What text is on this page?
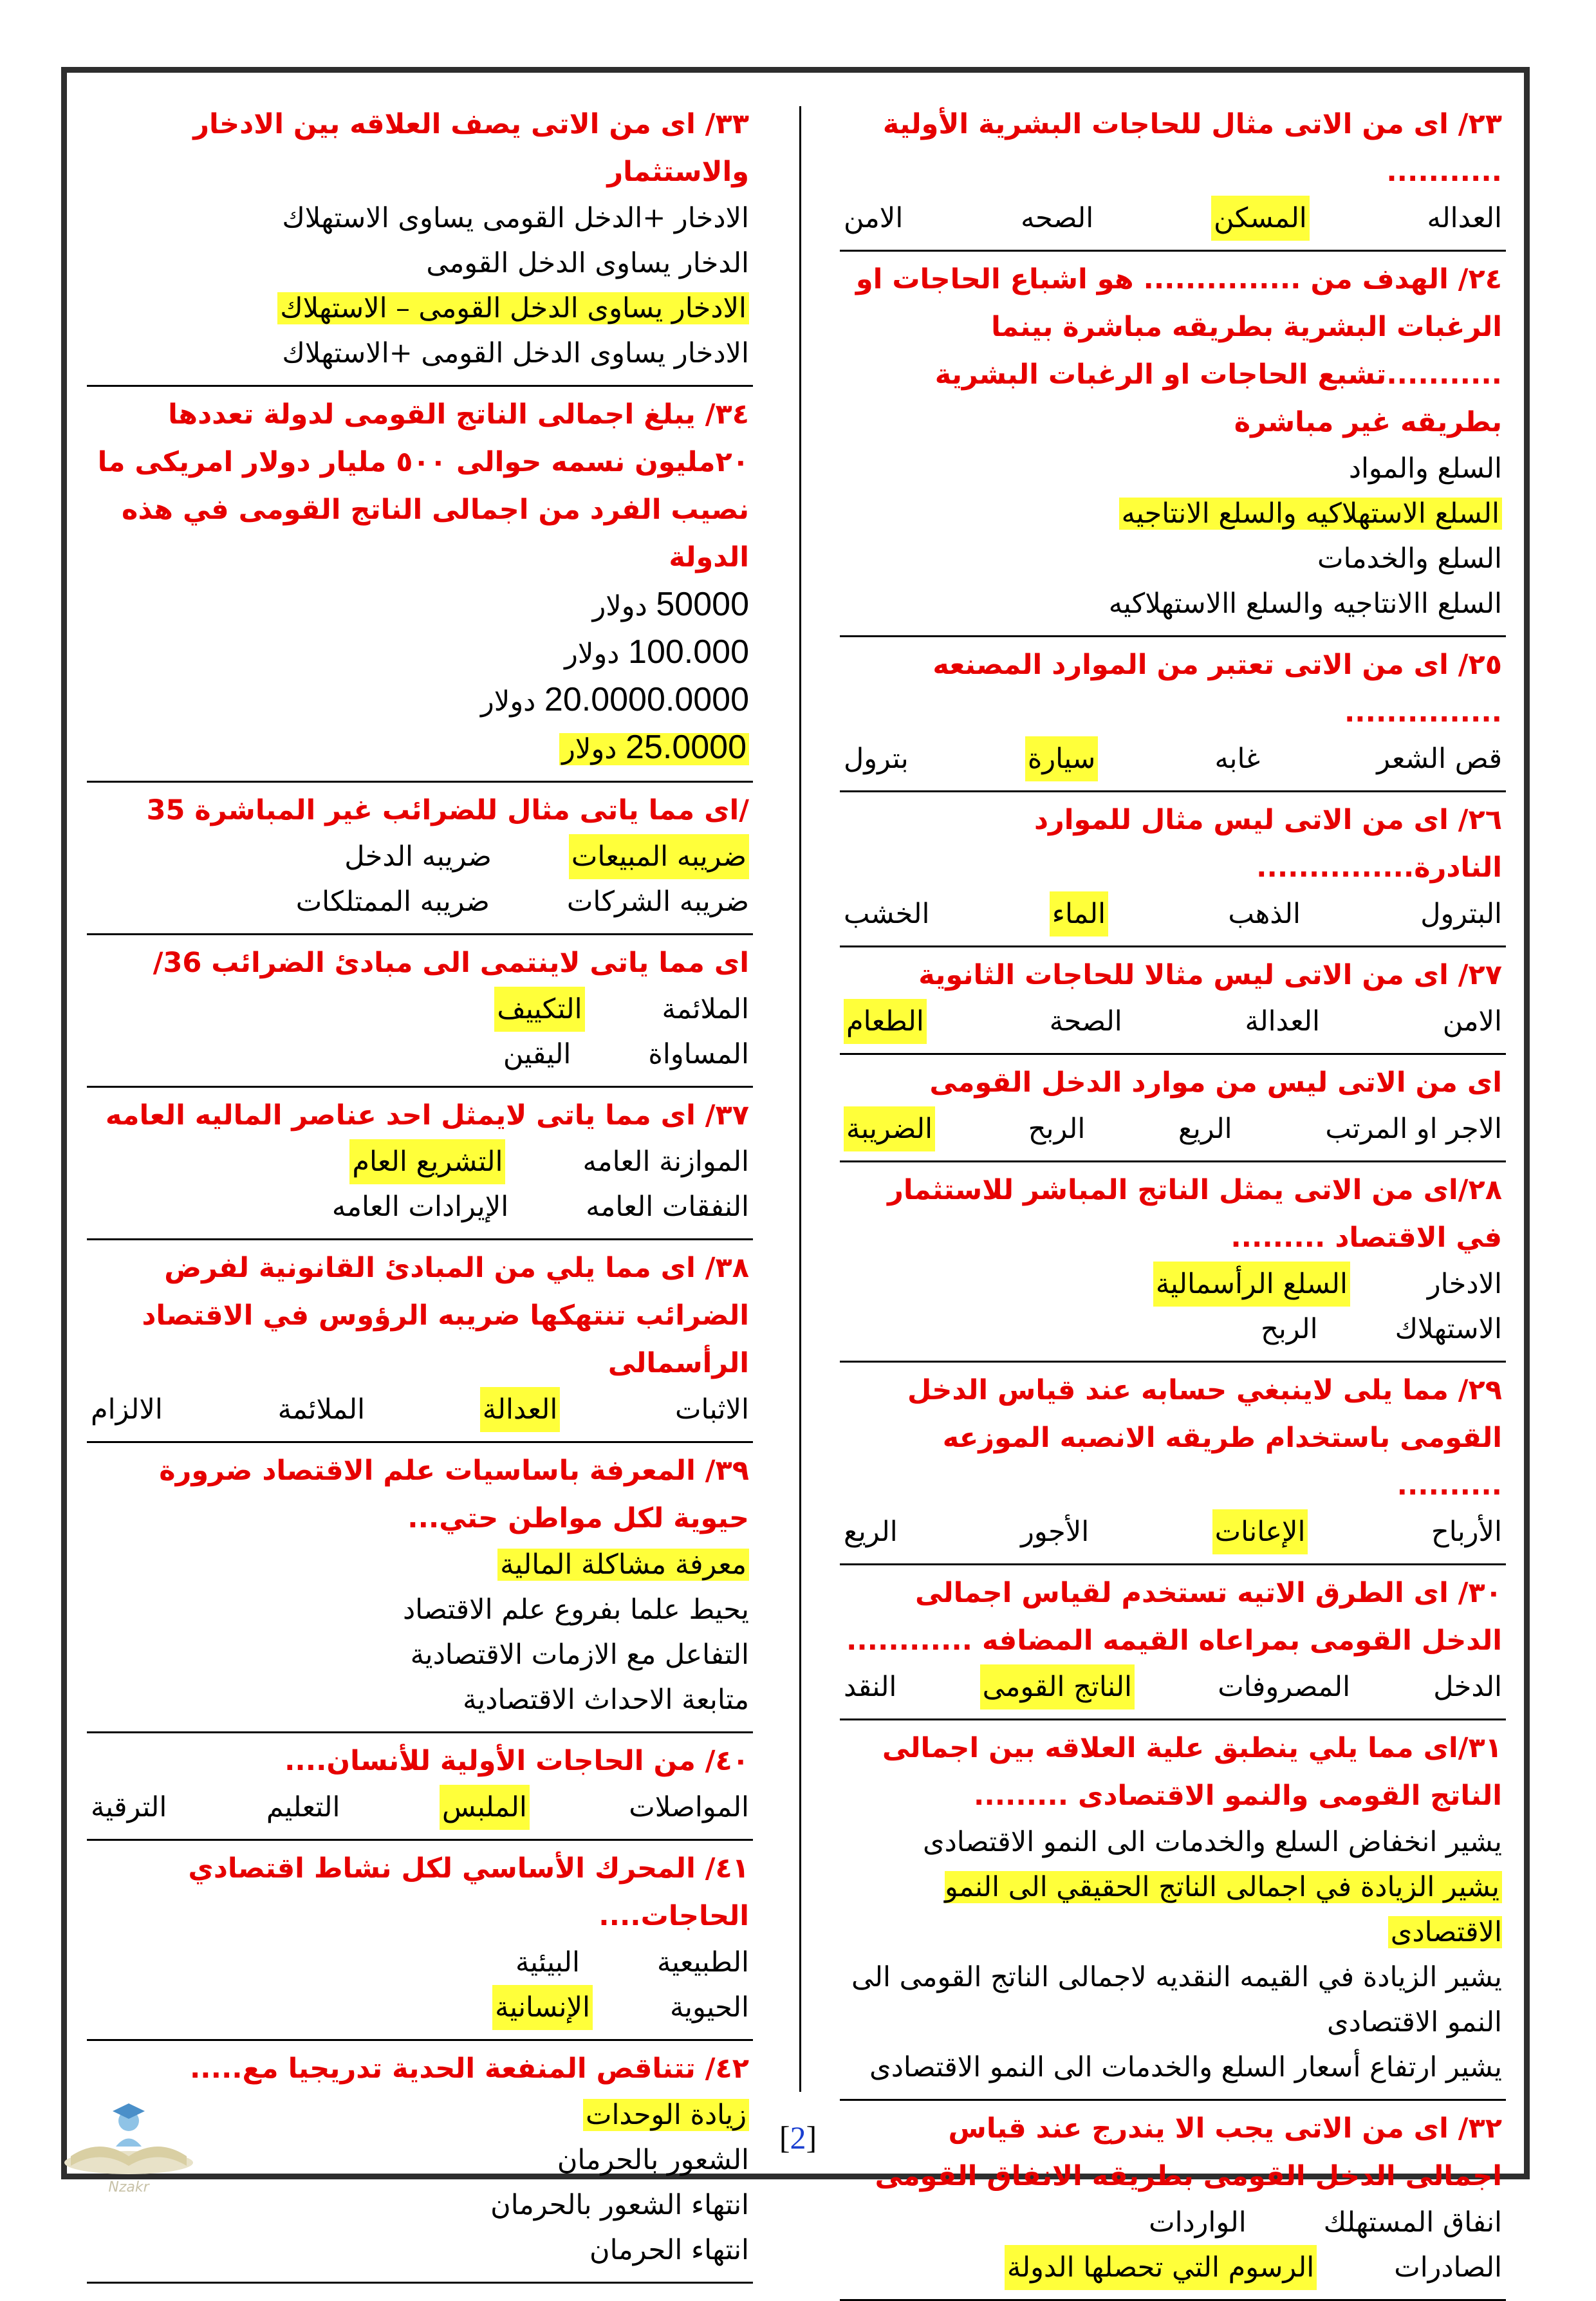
٢٣/ اى من الاتى مثال للحاجات البشرية الأولية ...........
العداله
المسكن
الصحه
الامن
٢٤/ الهدف من ............... هو اشباع الحاجات او الرغبات البشرية بطريقه مباشرة بينما ...........تشبع الحاجات او الرغبات البشرية بطريقه غير مباشرة
السلع والمواد
السلع الاستهلاكيه والسلع الانتاجيه
السلع والخدمات
السلع االانتاجيه والسلع االاستهلاكيه
٢٥/ اى من الاتى تعتبر من الموارد المصنعه ...............
قص الشعر
غابه
سيارة
بترول
٢٦/ اى من الاتى ليس مثال للموارد النادرة...............
البترول
الذهب
الماء
الخشب
٢٧/ اى من الاتى ليس مثالا للحاجات الثانوية
الامن
العدالة
الصحة
الطعام
اى من الاتى ليس من موارد الدخل القومى
الاجر او المرتب
الريع
الربح
الضريبة
٢٨/اى من الاتى يمثل الناتج المباشر للاستثمار في الاقتصاد .........
الادخار
السلع الرأسمالية
الاستهلاك
الربح
٢٩/ مما يلى لاينبغي حسابه عند قياس الدخل القومى باستخدام طريقه الانصبه الموزعه ..........
الأرباح
الإعانات
الأجور
الريع
٣٠/ اى الطرق الاتيه تستخدم لقياس اجمالى الدخل القومى بمراعاه القيمه المضافه ............
الدخل
المصروفات
الناتج القومى
النقد
٣١/اى مما يلي ينطبق علية العلاقه بين اجمالى الناتج القومى والنمو الاقتصادى .........
يشير انخفاض السلع والخدمات الى النمو الاقتصادى
يشير الزيادة في اجمالى الناتج الحقيقي الى النمو الاقتصادى
يشير الزيادة في القيمه النقديه لاجمالى الناتج القومى الى النمو الاقتصادى
يشير ارتفاع أسعار السلع والخدمات الى النمو الاقتصادى
٣٢/ اى من الاتى يجب الا يندرج عند قياس اجمالى الدخل القومى بطريقه الانفاق القومى
انفاق المستهلك
الواردات
الصادرات
الرسوم التي تحصلها الدولة
٣٣/ اى من الاتى يصف العلاقه بين الادخار والاستثمار
الادخار +الدخل القومى يساوى الاستهلاك
الدخار يساوى الدخل القومى
الادخار يساوى الدخل القومى – الاستهلاك
الادخار يساوى الدخل القومى +الاستهلاك
٣٤/ يبلغ اجمالى الناتج القومى لدولة تعددها ٢٠مليون نسمه حوالى ٥٠٠ مليار دولار امريكى ما نصيب الفرد من اجمالى الناتج القومى في هذه الدولة
50000 دولار
100.000 دولار
20.0000.0000 دولار
25.0000 دولار
/اى مما ياتى مثال للضرائب غير المباشرة 35
ضريبه المبيعات
ضريبه الدخل
ضريبه الشركات
ضريبه الممتلكات
اى مما ياتى لاينتمى الى مبادئ الضرائب 36/
الملائمة
التكييف
المساواة
اليقين
٣٧/ اى مما ياتى لايمثل احد عناصر الماليه العامه
الموازنة العامه
التشريع العام
النفقات العامه
الإيرادات العامه
٣٨/ اى مما يلي من المبادئ القانونية لفرض الضرائب تنتهكها ضريبه الرؤوس في الاقتصاد الرأسمالى
الاثبات
العدالة
الملائمة
الالزام
٣٩/ المعرفة باساسيات علم الاقتصاد ضرورة حيوية لكل مواطن حتي...
معرفة مشاكلة المالية
يحيط علما بفروع علم الاقتصاد
التفاعل مع الازمات الاقتصادية
متابعة الاحداث الاقتصادية
٤٠/ من الحاجات الأولية للأنسان....
المواصلات
الملبس
التعليم
الترقية
٤١/ المحرك الأساسي لكل نشاط اقتصادي الحاجات....
الطبيعية
البيئية
الحيوية
الإنسانية
٤٢/ تتناقص المنفعة الحدية تدريجيا مع.....
زيادة الوحدات
الشعور بالحرمان
انتهاء الشعور بالحرمان
انتهاء الحرمان
[2]
Nzakr
